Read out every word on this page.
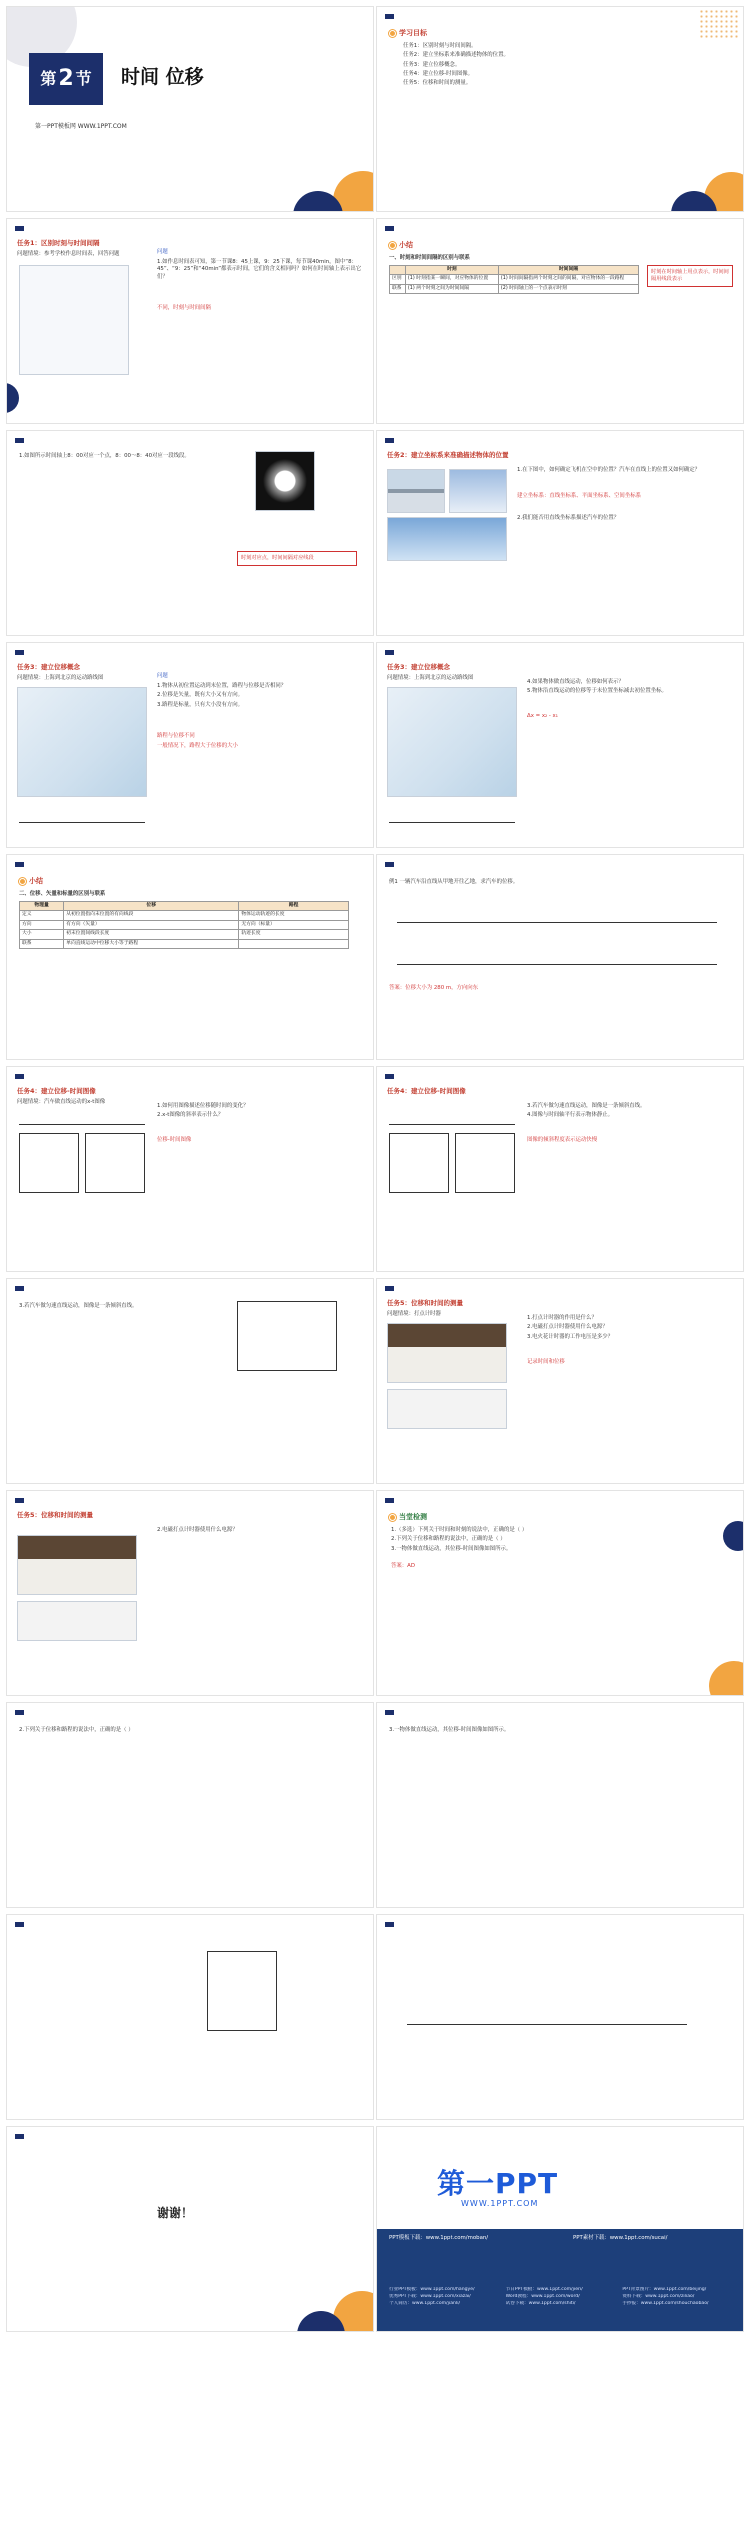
第 2 节 时间 位移
第一PPT模板网 WWW.1PPT.COM
学习目标
任务1：区别时刻与时间间隔。
任务2：建立坐标系来准确描述物体的位置。
任务3：建立位移概念。
任务4：建立位移-时间图像。
任务5：位移和时间的测量。
任务1：区别时刻与时间间隔
问题情境：参考学校作息时间表，回答问题	问题
1.如作息时间表可知，第一节课8：45上课，9：25下课，每节课40min，图中“8：45”、“9：25”和“40min”都表示时间，它们的含义相同吗？如何在时间轴上表示出它们？
不同，时刻与时间间隔
小结
一、时刻和时间间隔的区别与联系
	时刻	时间间隔
区别	(1) 时刻指某一瞬间，对应物体的位置	(1) 时间间隔指两个时刻之间的间隔，对应物体的一段路程
联系	(1) 两个时刻之间为时间间隔	(2) 时间轴上的一个点表示时刻
时刻在时间轴上用点表示，时间间隔用线段表示
1.如图所示时间轴上8：00对应一个点，8：00～8：40对应一段线段。
时刻对应点，时间间隔对应线段
任务2：建立坐标系来准确描述物体的位置
1.在下图中，如何确定飞机在空中的位置？汽车在直线上的位置又如何确定？
建立坐标系：直线坐标系、平面坐标系、空间坐标系
2.我们能否用直线坐标系描述汽车的位置？
任务3：建立位移概念
问题情境：上海到北京的运动路线图	问题
1.物体从初位置运动到末位置，路程与位移是否相同？
2.位移是矢量，既有大小又有方向。
3.路程是标量，只有大小没有方向。
路程与位移不同
一般情况下，路程大于位移的大小
任务3：建立位移概念
问题情境：上海到北京的运动路线图
4.如果物体做直线运动，位移如何表示？
5.物体沿直线运动的位移等于末位置坐标减去初位置坐标。
Δx = x₂ - x₁
小结
二、位移、矢量和标量的区别与联系
物理量	位移	路程
定义	从初位置指向末位置的有向线段	物体运动轨迹的长度
方向	有方向（矢量）	无方向（标量）
大小	初末位置间线段长度	轨迹长度
联系	单向直线运动中位移大小等于路程	
例1 一辆汽车沿直线从甲地开往乙地，求汽车的位移。
答案：位移大小为 280 m，方向向东
任务4：建立位移-时间图像
问题情境：汽车做直线运动的x-t图像
1.如何用图像描述位移随时间的变化？
2.x-t图像的斜率表示什么？
位移-时间图像
任务4：建立位移-时间图像
3.若汽车做匀速直线运动，图像是一条倾斜直线。
4.图像与时间轴平行表示物体静止。
图像的倾斜程度表示运动快慢
3.若汽车做匀速直线运动，图像是一条倾斜直线。	任务5：位移和时间的测量
问题情境：打点计时器
1.打点计时器的作用是什么？
2.电磁打点计时器使用什么电源？
3.电火花计时器的工作电压是多少？
记录时间和位移
任务5：位移和时间的测量
2.电磁打点计时器使用什么电源？
当堂检测
1.（多选）下列关于时间和时刻的说法中，正确的是（ ）
2.下列关于位移和路程的说法中，正确的是（ ）
3.一物体做直线运动，其位移-时间图像如图所示。
答案：AD
2.下列关于位移和路程的说法中，正确的是（ ）	3.一物体做直线运动，其位移-时间图像如图所示。
谢谢！
第一PPT
WWW.1PPT.COM
PPT模板下载：www.1ppt.com/moban/	PPT素材下载：www.1ppt.com/sucai/
行业PPT模板：www.1ppt.com/hangye/	节日PPT模板：www.1ppt.com/jieri/	PPT背景图片：www.1ppt.com/beijing/
优秀PPT下载：www.1ppt.com/xiazai/	Word教程：www.1ppt.com/word/	资料下载：www.1ppt.com/ziliao/
个人简历：www.1ppt.com/jianli/	试卷下载：www.1ppt.com/shiti/	手抄报：www.1ppt.com/shouchaobao/
